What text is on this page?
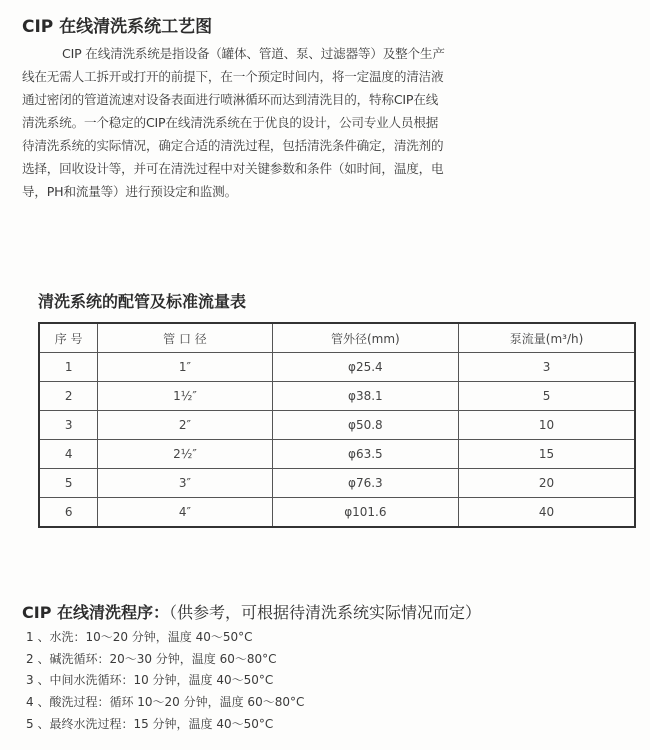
CIP 在线清洗系统工艺图
CIP 在线清洗系统是指设备（罐体、管道、泵、过滤器等）及整个生产
线在无需人工拆开或打开的前提下，在一个预定时间内，将一定温度的清洁液
通过密闭的管道流速对设备表面进行喷淋循环而达到清洗目的，特称CIP在线
清洗系统。一个稳定的CIP在线清洗系统在于优良的设计，公司专业人员根据
待清洗系统的实际情况，确定合适的清洗过程，包括清洗条件确定，清洗剂的
选择，回收设计等，并可在清洗过程中对关键参数和条件（如时间，温度，电
导，PH和流量等）进行预设定和监测。
清洗系统的配管及标准流量表
序 号	管 口 径	管外径(mm)	泵流量(m³/h)
1	1″	φ25.4	3
2	1½″	φ38.1	5
3	2″	φ50.8	10
4	2½″	φ63.5	15
5	3″	φ76.3	20
6	4″	φ101.6	40
CIP 在线清洗程序：（供参考，可根据待清洗系统实际情况而定）
1 、水洗：10～20 分钟，温度 40～50°C
2 、碱洗循环：20～30 分钟，温度 60～80°C
3 、中间水洗循环：10 分钟，温度 40～50°C
4 、酸洗过程：循环 10～20 分钟，温度 60～80°C
5 、最终水洗过程：15 分钟，温度 40～50°C
